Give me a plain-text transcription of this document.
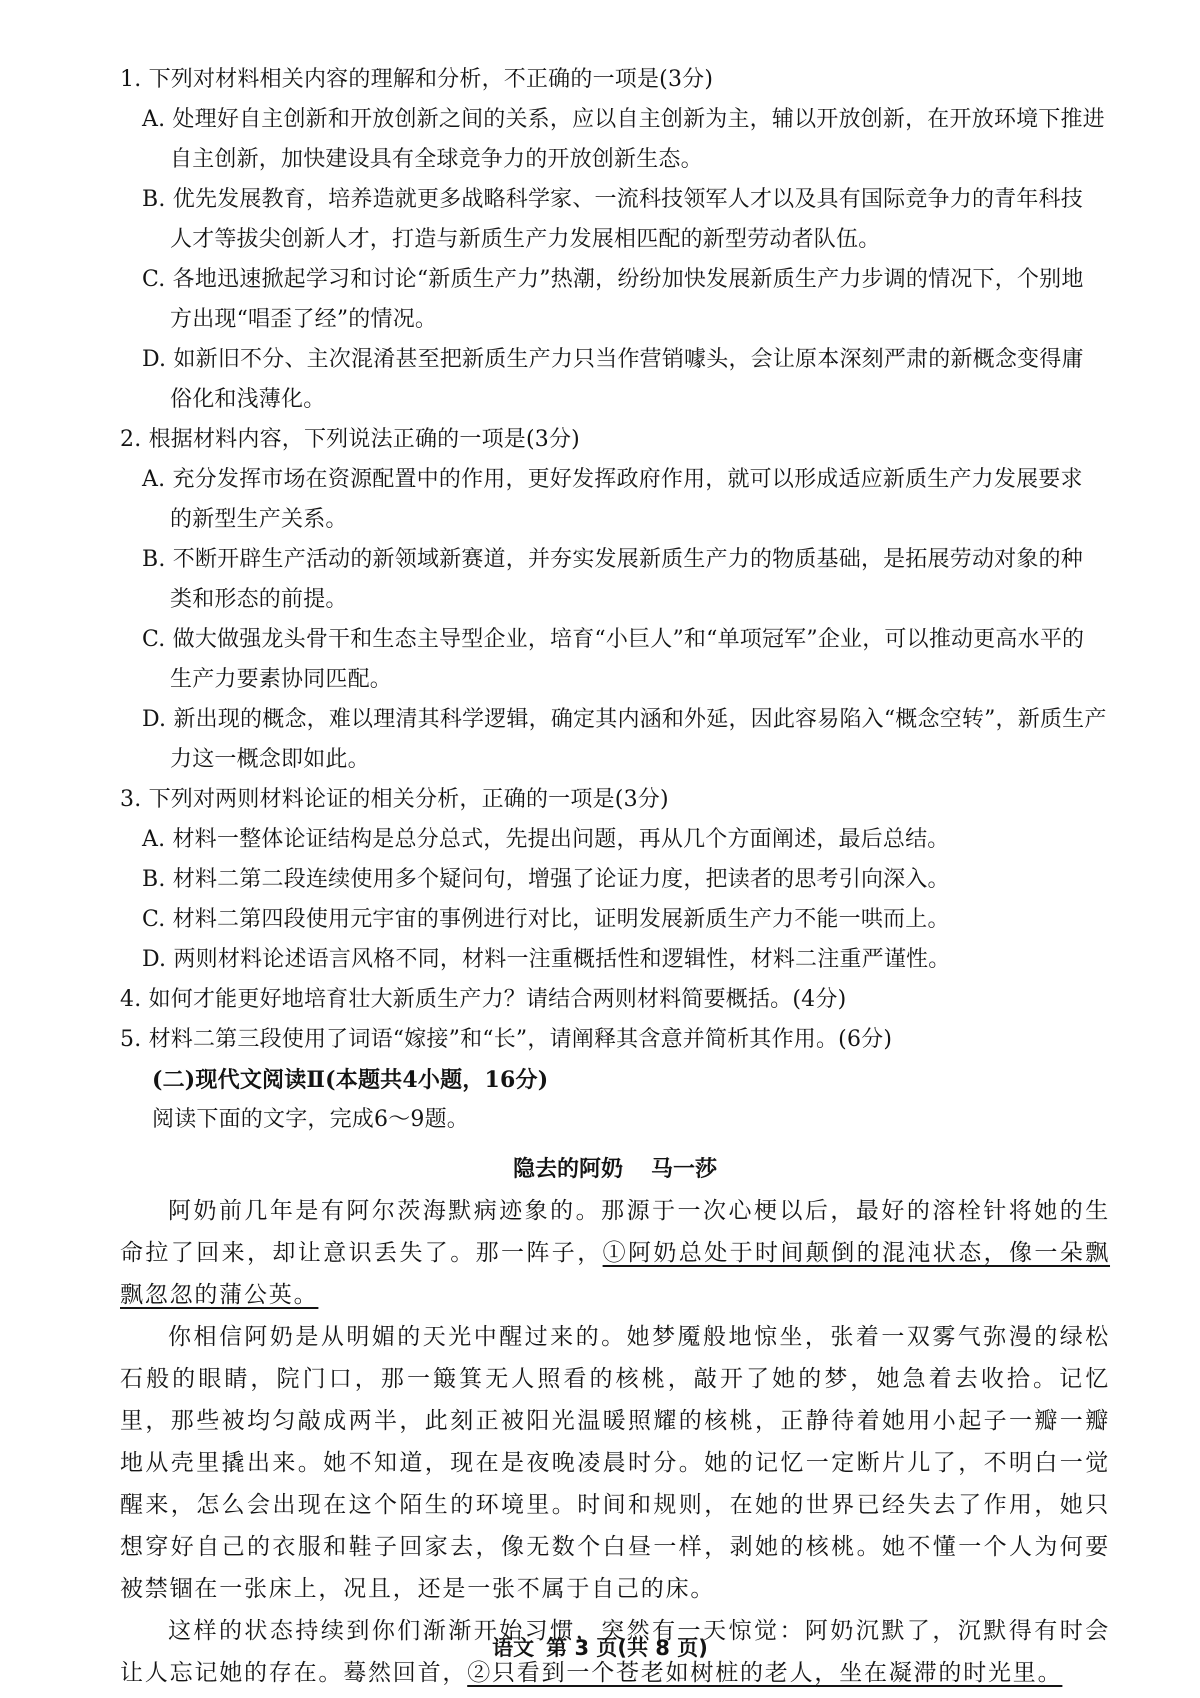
1. 下列对材料相关内容的理解和分析，不正确的一项是(3分)
A. 处理好自主创新和开放创新之间的关系，应以自主创新为主，辅以开放创新，在开放环境下推进
自主创新，加快建设具有全球竞争力的开放创新生态。
B. 优先发展教育，培养造就更多战略科学家、一流科技领军人才以及具有国际竞争力的青年科技
人才等拔尖创新人才，打造与新质生产力发展相匹配的新型劳动者队伍。
C. 各地迅速掀起学习和讨论“新质生产力”热潮，纷纷加快发展新质生产力步调的情况下，个别地
方出现“唱歪了经”的情况。
D. 如新旧不分、主次混淆甚至把新质生产力只当作营销噱头，会让原本深刻严肃的新概念变得庸
俗化和浅薄化。
2. 根据材料内容，下列说法正确的一项是(3分)
A. 充分发挥市场在资源配置中的作用，更好发挥政府作用，就可以形成适应新质生产力发展要求
的新型生产关系。
B. 不断开辟生产活动的新领域新赛道，并夯实发展新质生产力的物质基础，是拓展劳动对象的种
类和形态的前提。
C. 做大做强龙头骨干和生态主导型企业，培育“小巨人”和“单项冠军”企业，可以推动更高水平的
生产力要素协同匹配。
D. 新出现的概念，难以理清其科学逻辑，确定其内涵和外延，因此容易陷入“概念空转”，新质生产
力这一概念即如此。
3. 下列对两则材料论证的相关分析，正确的一项是(3分)
A. 材料一整体论证结构是总分总式，先提出问题，再从几个方面阐述，最后总结。
B. 材料二第二段连续使用多个疑问句，增强了论证力度，把读者的思考引向深入。
C. 材料二第四段使用元宇宙的事例进行对比，证明发展新质生产力不能一哄而上。
D. 两则材料论述语言风格不同，材料一注重概括性和逻辑性，材料二注重严谨性。
4. 如何才能更好地培育壮大新质生产力？请结合两则材料简要概括。(4分)
5. 材料二第三段使用了词语“嫁接”和“长”，请阐释其含意并简析其作用。(6分)
(二)现代文阅读Ⅱ(本题共4小题，16分)
阅读下面的文字，完成6～9题。
隐去的阿奶 马一莎

阿奶前几年是有阿尔茨海默病迹象的。那源于一次心梗以后，最好的溶栓针将她的生命拉了回来，却让意识丢失了。那一阵子，①阿奶总处于时间颠倒的混沌状态，像一朵飘飘忽忽的蒲公英。

你相信阿奶是从明媚的天光中醒过来的。她梦魇般地惊坐，张着一双雾气弥漫的绿松石般的眼睛，院门口，那一簸箕无人照看的核桃，敲开了她的梦，她急着去收拾。记忆里，那些被均匀敲成两半，此刻正被阳光温暖照耀的核桃，正静待着她用小起子一瓣一瓣地从壳里撬出来。她不知道，现在是夜晚凌晨时分。她的记忆一定断片儿了，不明白一觉醒来，怎么会出现在这个陌生的环境里。时间和规则，在她的世界已经失去了作用，她只想穿好自己的衣服和鞋子回家去，像无数个白昼一样，剥她的核桃。她不懂一个人为何要被禁锢在一张床上，况且，还是一张不属于自己的床。

这样的状态持续到你们渐渐开始习惯，突然有一天惊觉：阿奶沉默了，沉默得有时会让人忘记她的存在。蓦然回首，②只看到一个苍老如树桩的老人，坐在凝滞的时光里。

语文 第 3 页(共 8 页)
